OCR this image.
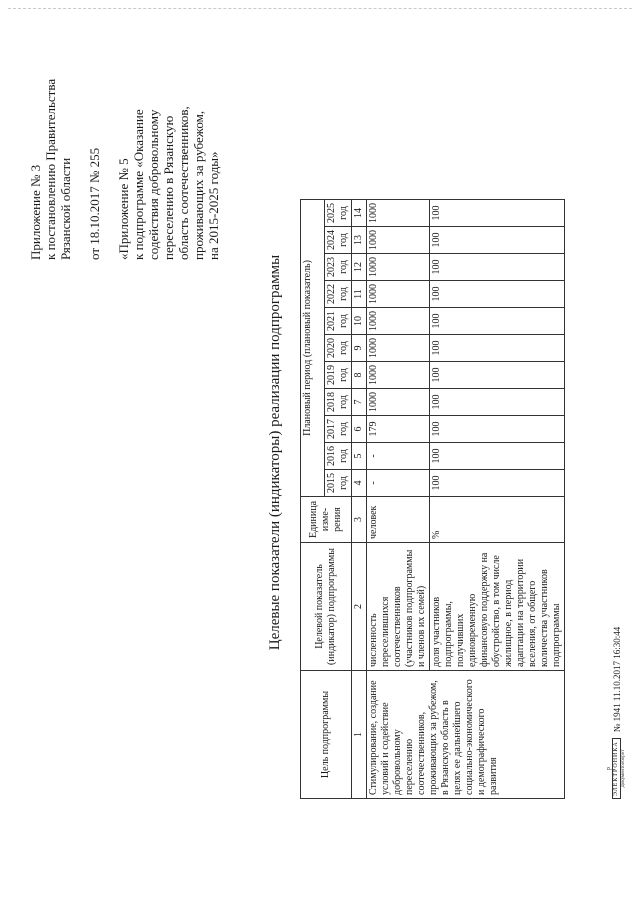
Приложение № 3 к постановлению Правительства Рязанской области от 18.10.2017 № 255 «Приложение № 5 к подпрограмме «Оказание содействия добровольному переселению в Рязанскую область соотечественников, проживающих за рубежом, на 2015-2025 годы»
Целевые показатели (индикаторы) реализации подпрограммы
Цель подпрограммы	Целевой показатель (индикатор) подпрограммы	Единица изме-рения	Плановый период (плановый показатель)										
			2015 год	2016 год	2017 год	2018 год	2019 год	2020 год	2021 год	2022 год	2023 год	2024 год	2025 год
1	2	3	4	5	6	7	8	9	10	11	12	13	14
Стимулирование, создание условий и содействие добровольному переселению соотечественников, проживающих за рубежом, в Рязанскую область в целях ее дальнейшего социально-экономического и демографического развития	численность переселившихся соотечественников (участников подпрограммы и членов их семей)	человек	-	-	179	1000	1000	1000	1000	1000	1000	1000	1000
	доля участников подпрограммы, получивших единовременную финансовую поддержку на обустройство, в том числе жилищное, в период адаптации на территории вселения, от общего количества участников подпрограммы	%	100	100	100	100	100	100	100	100	100	100	100
р ЭЛЕКТРОНИКА Документооборот
№ 1941 11.10.2017 16:30:44
